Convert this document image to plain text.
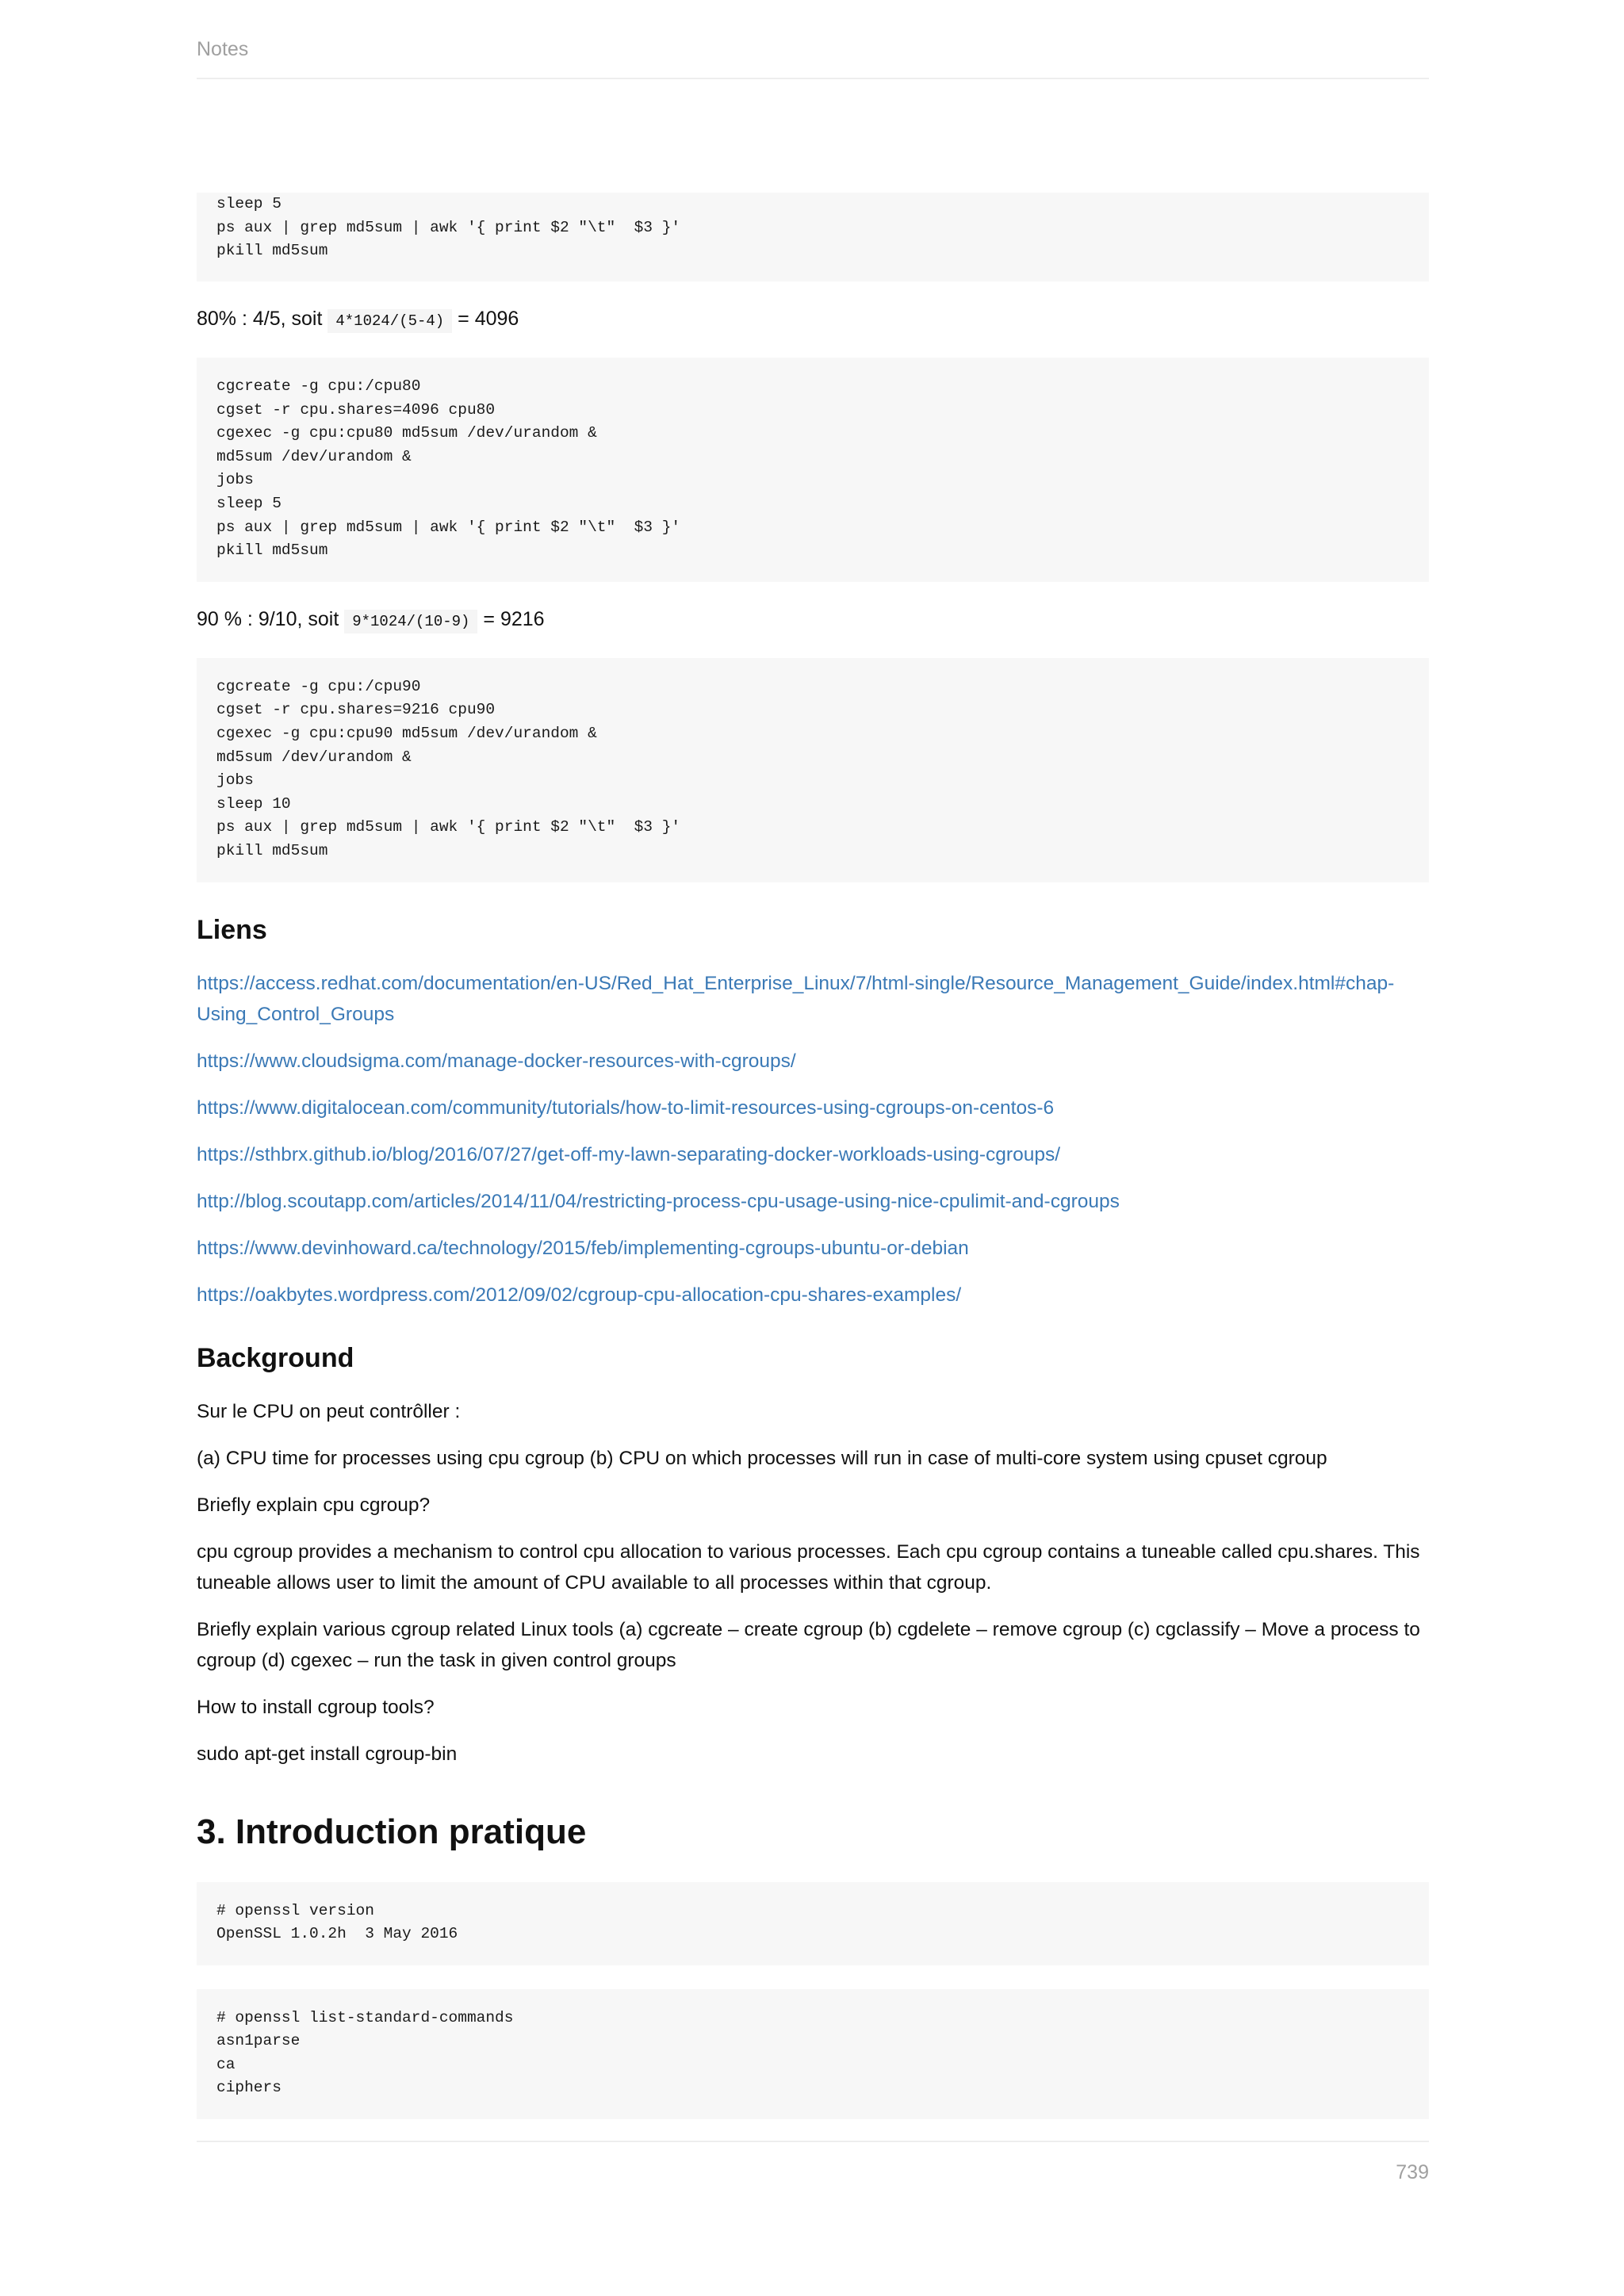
Notes
sleep 5
ps aux | grep md5sum | awk '{ print $2 "\t"  $3 }'
pkill md5sum

80% : 4/5, soit 4*1024/(5-4) = 4096

cgcreate -g cpu:/cpu80
cgset -r cpu.shares=4096 cpu80
cgexec -g cpu:cpu80 md5sum /dev/urandom &
md5sum /dev/urandom &
jobs
sleep 5
ps aux | grep md5sum | awk '{ print $2 "\t"  $3 }'
pkill md5sum

90 % : 9/10, soit 9*1024/(10-9) = 9216

cgcreate -g cpu:/cpu90
cgset -r cpu.shares=9216 cpu90
cgexec -g cpu:cpu90 md5sum /dev/urandom &
md5sum /dev/urandom &
jobs
sleep 10
ps aux | grep md5sum | awk '{ print $2 "\t"  $3 }'
pkill md5sum
Liens

https://access.redhat.com/documentation/en-US/Red_Hat_Enterprise_Linux/7/html-single/Resource_Management_Guide/index.html#chap-Using_Control_Groups

https://www.cloudsigma.com/manage-docker-resources-with-cgroups/

https://www.digitalocean.com/community/tutorials/how-to-limit-resources-using-cgroups-on-centos-6

https://sthbrx.github.io/blog/2016/07/27/get-off-my-lawn-separating-docker-workloads-using-cgroups/

http://blog.scoutapp.com/articles/2014/11/04/restricting-process-cpu-usage-using-nice-cpulimit-and-cgroups

https://www.devinhoward.ca/technology/2015/feb/implementing-cgroups-ubuntu-or-debian

https://oakbytes.wordpress.com/2012/09/02/cgroup-cpu-allocation-cpu-shares-examples/

Background

Sur le CPU on peut contrôller :

(a) CPU time for processes using cpu cgroup (b) CPU on which processes will run in case of multi-core system using cpuset cgroup

Briefly explain cpu cgroup?

cpu cgroup provides a mechanism to control cpu allocation to various processes. Each cpu cgroup contains a tuneable called cpu.shares. This tuneable allows user to limit the amount of CPU available to all processes within that cgroup.

Briefly explain various cgroup related Linux tools (a) cgcreate – create cgroup (b) cgdelete – remove cgroup (c) cgclassify – Move a process to cgroup (d) cgexec – run the task in given control groups

How to install cgroup tools?

sudo apt-get install cgroup-bin

3. Introduction pratique
# openssl version
OpenSSL 1.0.2h  3 May 2016
# openssl list-standard-commands
asn1parse
ca
ciphers
739
